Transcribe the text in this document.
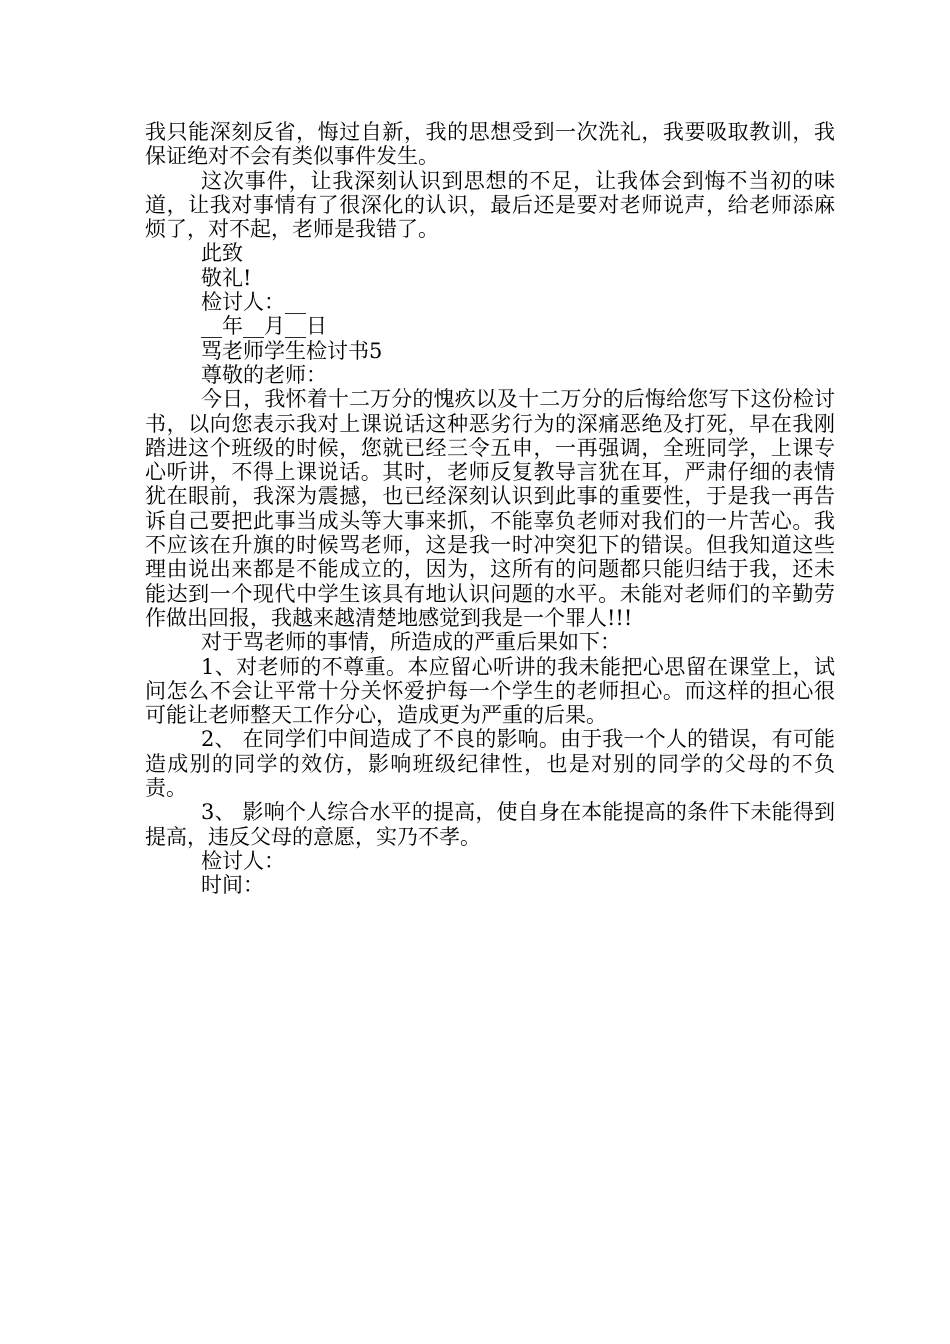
我只能深刻反省，悔过自新，我的思想受到一次洗礼，我要吸取教训，我保证绝对不会有类似事件发生。

这次事件，让我深刻认识到思想的不足，让我体会到悔不当初的味道，让我对事情有了很深化的认识，最后还是要对老师说声，给老师添麻烦了，对不起，老师是我错了。

此致

敬礼!

检讨人：__

__年__月__日

骂老师学生检讨书5

尊敬的老师：

今日，我怀着十二万分的愧疚以及十二万分的后悔给您写下这份检讨书，以向您表示我对上课说话这种恶劣行为的深痛恶绝及打死，早在我刚踏进这个班级的时候，您就已经三令五申，一再强调，全班同学，上课专心听讲，不得上课说话。其时，老师反复教导言犹在耳，严肃仔细的表情犹在眼前，我深为震撼，也已经深刻认识到此事的重要性，于是我一再告诉自己要把此事当成头等大事来抓，不能辜负老师对我们的一片苦心。我不应该在升旗的时候骂老师，这是我一时冲突犯下的错误。但我知道这些理由说出来都是不能成立的，因为，这所有的问题都只能归结于我，还未能达到一个现代中学生该具有地认识问题的水平。未能对老师们的辛勤劳作做出回报，我越来越清楚地感觉到我是一个罪人!!!

对于骂老师的事情，所造成的严重后果如下：

1、对老师的不尊重。本应留心听讲的我未能把心思留在课堂上，试问怎么不会让平常十分关怀爱护每一个学生的老师担心。而这样的担心很可能让老师整天工作分心，造成更为严重的后果。

2、 在同学们中间造成了不良的影响。由于我一个人的错误，有可能造成别的同学的效仿，影响班级纪律性，也是对别的同学的父母的不负责。

3、 影响个人综合水平的提高，使自身在本能提高的条件下未能得到提高，违反父母的意愿，实乃不孝。

检讨人：

时间：
